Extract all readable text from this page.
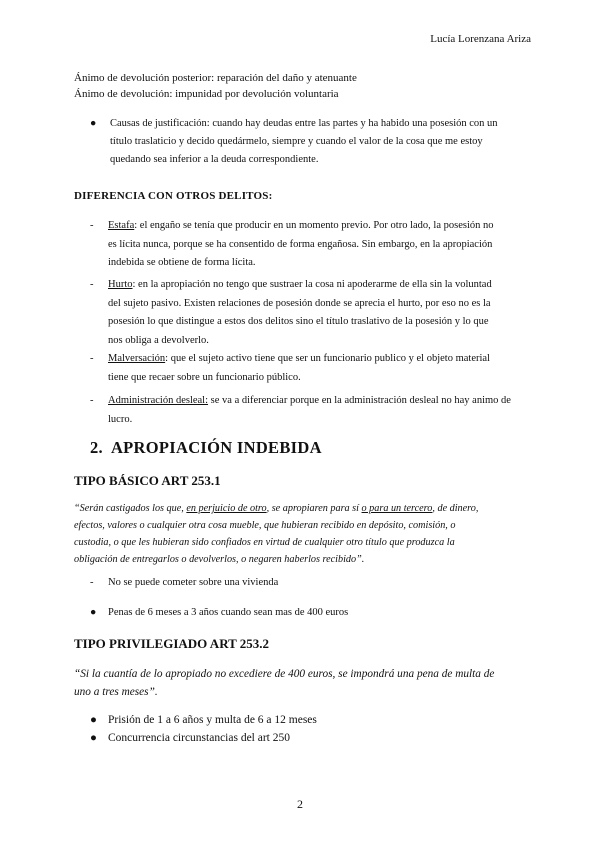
Lucía Lorenzana Ariza
Ánimo de devolución posterior: reparación del daño y atenuante
Ánimo de devolución: impunidad por devolución voluntaria
● Causas de justificación: cuando hay deudas entre las partes y ha habido una posesión con un
título traslaticio y decido quedármelo, siempre y cuando el valor de la cosa que me estoy
quedando sea inferior a la deuda correspondiente.
DIFERENCIA CON OTROS DELITOS:
- Estafa: el engaño se tenía que producir en un momento previo. Por otro lado, la posesión no
es lícita nunca, porque se ha consentido de forma engañosa. Sin embargo, en la apropiación
indebida se obtiene de forma lícita.
- Hurto: en la apropiación no tengo que sustraer la cosa ni apoderarme de ella sin la voluntad
del sujeto pasivo. Existen relaciones de posesión donde se aprecia el hurto, por eso no es la
posesión lo que distingue a estos dos delitos sino el título traslativo de la posesión y lo que
nos obliga a devolverlo.
- Malversación: que el sujeto activo tiene que ser un funcionario publico y el objeto material
tiene que recaer sobre un funcionario público.
- Administración desleal: se va a diferenciar porque en la administración desleal no hay animo de
lucro.
2. APROPIACIÓN INDEBIDA
TIPO BÁSICO ART 253.1
“Serán castigados los que, en perjuicio de otro, se apropiaren para sí o para un tercero, de dinero,
efectos, valores o cualquier otra cosa mueble, que hubieran recibido en depósito, comisión, o
custodia, o que les hubieran sido confiados en virtud de cualquier otro título que produzca la
obligación de entregarlos o devolverlos, o negaren haberlos recibido”.
- No se puede cometer sobre una vivienda
● Penas de 6 meses a 3 años cuando sean mas de 400 euros
TIPO PRIVILEGIADO ART 253.2
“Si la cuantía de lo apropiado no excediere de 400 euros, se impondrá una pena de multa de
uno a tres meses”.
● Prisión de 1 a 6 años y multa de 6 a 12 meses
● Concurrencia circunstancias del art 250
2
